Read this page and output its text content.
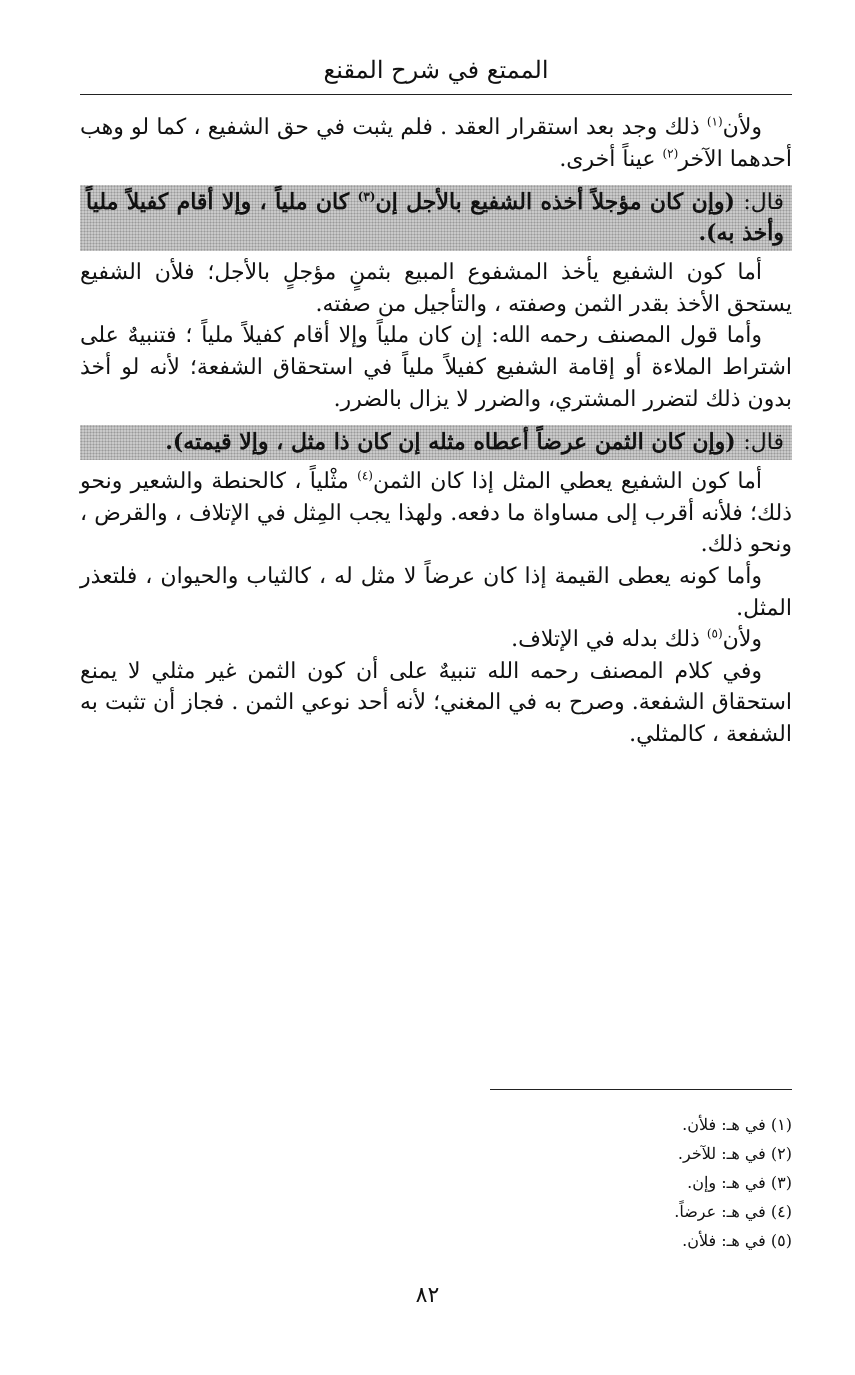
الممتع في شرح المقنع

ولأن$^{(١)}$ ذلك وجد بعد استقرار العقد . فلم يثبت في حق الشفيع ، كما لو وهب أحدهما الآخر$^{(٢)}$ عيناً أخرى.

قال: (وإن كان مؤجلاً أخذه الشفيع بالأجل إن$^{(٣)}$ كان ملياً ، وإلا أقام كفيلاً ملياً وأخذ به).

أما كون الشفيع يأخذ المشفوع المبيع بثمنٍ مؤجلٍ بالأجل؛ فلأن الشفيع يستحق الأخذ بقدر الثمن وصفته ، والتأجيل من صفته.

وأما قول المصنف رحمه الله: إن كان ملياً وإلا أقام كفيلاً ملياً ؛ فتنبيهٌ على اشتراط الملاءة أو إقامة الشفيع كفيلاً ملياً في استحقاق الشفعة؛ لأنه لو أخذ بدون ذلك لتضرر المشتري، والضرر لا يزال بالضرر.

قال: (وإن كان الثمن عرضاً أعطاه مثله إن كان ذا مثل ، وإلا قيمته).

أما كون الشفيع يعطي المثل إذا كان الثمن$^{(٤)}$ مثْلياً ، كالحنطة والشعير ونحو ذلك؛ فلأنه أقرب إلى مساواة ما دفعه. ولهذا يجب المِثل في الإتلاف ، والقرض ، ونحو ذلك.

وأما كونه يعطى القيمة إذا كان عرضاً لا مثل له ، كالثياب والحيوان ، فلتعذر المثل.

ولأن$^{(٥)}$ ذلك بدله في الإتلاف.

وفي كلام المصنف رحمه الله تنبيهٌ على أن كون الثمن غير مثلي لا يمنع استحقاق الشفعة. وصرح به في المغني؛ لأنه أحد نوعي الثمن . فجاز أن تثبت به الشفعة ، كالمثلي.

(١) في هـ: فلأن.

(٢) في هـ: للآخر.

(٣) في هـ: وإن.

(٤) في هـ: عرضاً.

(٥) في هـ: فلأن.

٨٢
